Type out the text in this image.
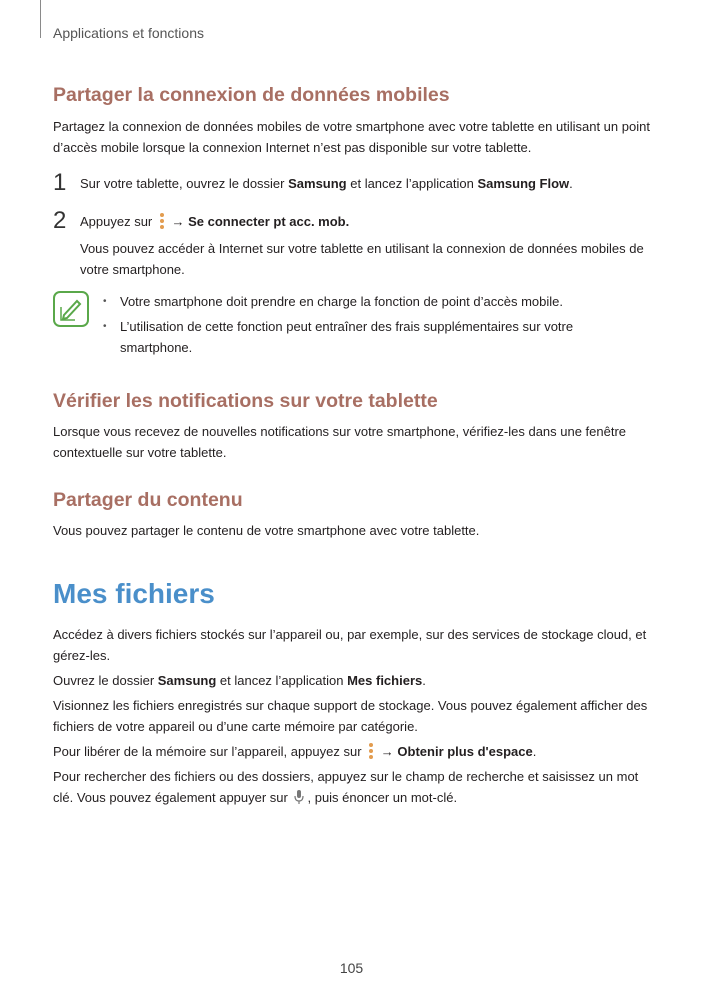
Applications et fonctions
Partager la connexion de données mobiles

Partagez la connexion de données mobiles de votre smartphone avec votre tablette en utilisant un point d’accès mobile lorsque la connexion Internet n’est pas disponible sur votre tablette.

1 Sur votre tablette, ouvrez le dossier Samsung et lancez l’application Samsung Flow.
2 Appuyez sur
→ Se connecter pt acc. mob.

Vous pouvez accéder à Internet sur votre tablette en utilisant la connexion de données mobiles de votre smartphone.

• Votre smartphone doit prendre en charge la fonction de point d’accès mobile.
• L’utilisation de cette fonction peut entraîner des frais supplémentaires sur votre smartphone.
Vérifier les notifications sur votre tablette

Lorsque vous recevez de nouvelles notifications sur votre smartphone, vérifiez-les dans une fenêtre contextuelle sur votre tablette.

Partager du contenu

Vous pouvez partager le contenu de votre smartphone avec votre tablette.

Mes fichiers

Accédez à divers fichiers stockés sur l’appareil ou, par exemple, sur des services de stockage cloud, et gérez-les.

Ouvrez le dossier Samsung et lancez l’application Mes fichiers.

Visionnez les fichiers enregistrés sur chaque support de stockage. Vous pouvez également afficher des fichiers de votre appareil ou d’une carte mémoire par catégorie.

Pour libérer de la mémoire sur l’appareil, appuyez sur
→ Obtenir plus d'espace.

Pour rechercher des fichiers ou des dossiers, appuyez sur le champ de recherche et saisissez un mot clé. Vous pouvez également appuyer sur , puis énoncer un mot-clé.

105
